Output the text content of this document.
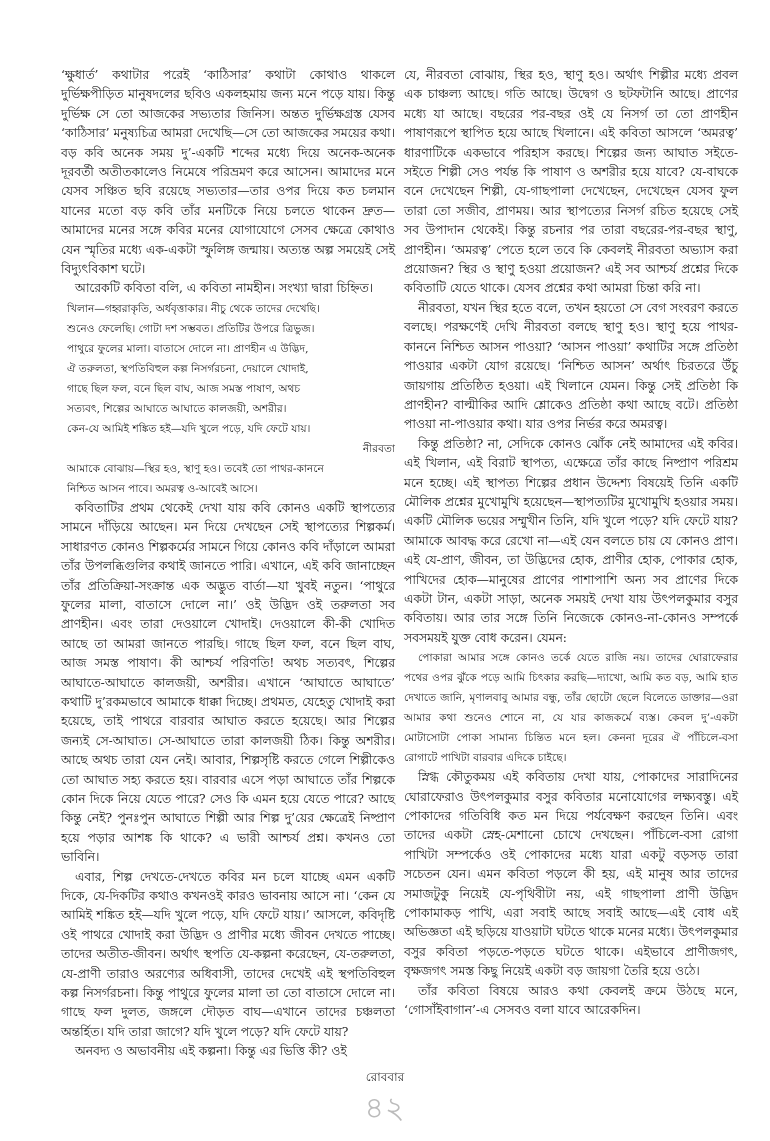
‘ক্ষুধার্ত’ কথাটার পরেই ‘কাঠিসার’ কথাটা কোথাও থাকলে দুর্ভিক্ষপীড়িত মানুষদলের ছবিও একলহমায় জন্য মনে পড়ে যায়। কিন্তু দুর্ভিক্ষ সে তো আজকের সভ্যতার জিনিস। অন্তত দুর্ভিক্ষগ্রস্ত যেসব ‘কাঠিসার’ মনুষ্যচিত্র আমরা দেখেছি—সে তো আজকের সময়ের কথা। বড় কবি অনেক সময় দু’-একটি শব্দের মধ্যে দিয়ে অনেক-অনেক দূরবর্তী অতীতকালেও নিমেষে পরিভ্রমণ করে আসেন। আমাদের মনে যেসব সঞ্চিত ছবি রয়েছে সভ্যতার—তার ওপর দিয়ে কত চলমান যানের মতো বড় কবি তাঁর মনটিকে নিয়ে চলতে থাকেন দ্রুত—আমাদের মনের সঙ্গে কবির মনের যোগাযোগে সেসব ক্ষেত্রে কোথাও যেন স্মৃতির মধ্যে এক-একটা স্ফুলিঙ্গ জন্মায়। অত্যন্ত অল্প সময়েই সেই বিদ্যুৎবিকাশ ঘটে।

আরেকটি কবিতা বলি, এ কবিতা নামহীন। সংখ্যা দ্বারা চিহ্নিত।

খিলান—গহ্বরাকৃতি, অর্ধবৃত্তাকার। নীচু থেকে তাদের দেখেছি।
শুনেও ফেলেছি। গোটা দশ সম্ভবত। প্রতিটির উপরে ত্রিভুজ।
পাথুরে ফুলের মালা। বাতাসে দোলে না। প্রাণহীন এ উদ্ভিদ,
ঐ তরুলতা, স্থপতিবিহুল কল্প নিসর্গরচনা, দেয়ালে খোদাই,
গাছে ছিল ফল, বনে ছিল বাঘ, আজ সমস্ত পাষাণ, অথচ
সত্যবৎ, শিল্পের আঘাতে আঘাতে কালজয়ী, অশরীর।
কেন-যে আমিই শঙ্কিত হই—যদি খুলে পড়ে, যদি ফেটে যায়।
নীরবতা
আমাকে বোঝায়—স্থির হও, স্থাণু হও। তবেই তো পাথর-কাননে
নিশ্চিত আসন পাবে। অমরত্ব ও-আবেই আসে।

কবিতাটির প্রথম থেকেই দেখা যায় কবি কোনও একটি স্থাপত্যের সামনে দাঁড়িয়ে আছেন। মন দিয়ে দেখছেন সেই স্থাপত্যের শিল্পকর্ম। সাধারণত কোনও শিল্পকর্মের সামনে গিয়ে কোনও কবি দাঁড়ালে আমরা তাঁর উপলব্ধিগুলির কথাই জানতে পারি। এখানে, এই কবি জানাচ্ছেন তাঁর প্রতিক্রিয়া-সংক্রান্ত এক অদ্ভুত বার্তা—যা খুবই নতুন। ‘পাথুরে ফুলের মালা, বাতাসে দোলে না।’ ওই উদ্ভিদ ওই তরুলতা সব প্রাণহীন। এবং তারা দেওয়ালে খোদাই। দেওয়ালে কী-কী খোদিত আছে তা আমরা জানতে পারছি। গাছে ছিল ফল, বনে ছিল বাঘ, আজ সমস্ত পাষাণ। কী আশ্চর্য পরিণতি! অথচ সত্যবৎ, শিল্পের আঘাতে-আঘাতে কালজয়ী, অশরীর। এখানে ‘আঘাতে আঘাতে’ কথাটি দু’রকমভাবে আমাকে ধাক্কা দিচ্ছে। প্রথমত, যেহেতু খোদাই করা হয়েছে, তাই পাথরে বারবার আঘাত করতে হয়েছে। আর শিল্পের জন্যই সে-আঘাত। সে-আঘাতে তারা কালজয়ী ঠিক। কিন্তু অশরীর। আছে অথচ তারা যেন নেই। আবার, শিল্পসৃষ্টি করতে গেলে শিল্পীকেও তো আঘাত সহ্য করতে হয়। বারবার এসে পড়া আঘাতে তাঁর শিল্পকে কোন দিকে নিয়ে যেতে পারে? সেও কি এমন হয়ে যেতে পারে? আছে কিন্তু নেই? পুনঃপুন আঘাতে শিল্পী আর শিল্প দু’য়ের ক্ষেত্রেই নিষ্প্রাণ হয়ে পড়ার আশঙ্ক কি থাকে? এ ভারী আশ্চর্য প্রশ্ন। কখনও তো ভাবিনি।

এবার, শিল্প দেখতে-দেখতে কবির মন চলে যাচ্ছে এমন একটি দিকে, যে-দিকটির কথাও কখনওই কারও ভাবনায় আসে না। ‘কেন যে আমিই শঙ্কিত হই—যদি খুলে পড়ে, যদি ফেটে যায়।’ আসলে, কবিদৃষ্টি ওই পাথরে খোদাই করা উদ্ভিদ ও প্রাণীর মধ্যে জীবন দেখতে পাচ্ছে। তাদের অতীত-জীবন। অর্থাৎ স্থপতি যে-কল্পনা করেছেন, যে-তরুলতা, যে-প্রাণী তারাও অরণ্যের অধিবাসী, তাদের দেখেই এই স্থপতিবিহুল কল্প নিসর্গরচনা। কিন্তু পাথুরে ফুলের মালা তা তো বাতাসে দোলে না। গাছে ফল দুলত, জঙ্গলে দৌড়ত বাঘ—এখানে তাদের চঞ্চলতা অন্তর্হিত। যদি তারা জাগে? যদি খুলে পড়ে? যদি ফেটে যায়?

অনবদ্য ও অভাবনীয় এই কল্পনা। কিন্তু এর ভিত্তি কী? ওই

যে, নীরবতা বোঝায়, স্থির হও, স্থাণু হও। অর্থাৎ শিল্পীর মধ্যে প্রবল এক চাঞ্চল্য আছে। গতি আছে। উদ্বেগ ও ছটফটানি আছে। প্রাণের মধ্যে যা আছে। বছরের পর-বছর ওই যে নিসর্গ তা তো প্রাণহীন পাষাণরূপে স্থাপিত হয়ে আছে খিলানে। এই কবিতা আসলে ‘অমরত্ব’ ধারণাটিকে একভাবে পরিহাস করছে। শিল্পের জন্য আঘাত সইতে-সইতে শিল্পী সেও পর্যন্ত কি পাষাণ ও অশরীর হয়ে যাবে? যে-বাঘকে বনে দেখেছেন শিল্পী, যে-গাছপালা দেখেছেন, দেখেছেন যেসব ফুল তারা তো সজীব, প্রাণময়। আর স্থাপত্যের নিসর্গ রচিত হয়েছে সেই সব উপাদান থেকেই। কিন্তু রচনার পর তারা বছরের-পর-বছর স্থাণু, প্রাণহীন। ‘অমরত্ব’ পেতে হলে তবে কি কেবলই নীরবতা অভ্যাস করা প্রয়োজন? স্থির ও স্থাণু হওয়া প্রয়োজন? এই সব আশ্চর্য প্রশ্নের দিকে কবিতাটি যেতে থাকে। যেসব প্রশ্নের কথা আমরা চিন্তা করি না।

নীরবতা, যখন স্থির হতে বলে, তখন হয়তো সে বেগ সংবরণ করতে বলছে। পরক্ষণেই দেখি নীরবতা বলছে স্থাণু হও। স্থাণু হয়ে পাথর-কাননে নিশ্চিত আসন পাওয়া? ‘আসন পাওয়া’ কথাটির সঙ্গে প্রতিষ্ঠা পাওয়ার একটা যোগ রয়েছে। ‘নিশ্চিত আসন’ অর্থাৎ চিরতরে উঁচু জায়গায় প্রতিষ্ঠিত হওয়া। এই খিলানে যেমন। কিন্তু সেই প্রতিষ্ঠা কি প্রাণহীন? বাল্মীকির আদি শ্লোকেও প্রতিষ্ঠা কথা আছে বটে। প্রতিষ্ঠা পাওয়া না-পাওয়ার কথা। যার ওপর নির্ভর করে অমরত্ব।

কিন্তু প্রতিষ্ঠা? না, সেদিকে কোনও ঝোঁক নেই আমাদের এই কবির। এই খিলান, এই বিরাট স্থাপত্য, এক্ষেত্রে তাঁর কাছে নিষ্প্রাণ পরিশ্রম মনে হচ্ছে। এই স্থাপত্য শিল্পের প্রধান উদ্দেশ্য বিষয়েই তিনি একটি মৌলিক প্রশ্নের মুখোমুখি হয়েছেন—স্থাপত্যটির মুখোমুখি হওয়ার সময়। একটি মৌলিক ভয়ের সম্মুখীন তিনি, যদি খুলে পড়ে? যদি ফেটে যায়? আমাকে আবদ্ধ করে রেখো না—এই যেন বলতে চায় যে কোনও প্রাণ। এই যে-প্রাণ, জীবন, তা উদ্ভিদের হোক, প্রাণীর হোক, পোকার হোক, পাখিদের হোক—মানুষের প্রাণের পাশাপাশি অন্য সব প্রাণের দিকে একটা টান, একটা সাড়া, অনেক সময়ই দেখা যায় উৎপলকুমার বসুর কবিতায়। আর তার সঙ্গে তিনি নিজেকে কোনও-না-কোনও সম্পর্কে সবসময়ই যুক্ত বোধ করেন। যেমন:

পোকারা আমার সঙ্গে কোনও তর্কে যেতে রাজি নয়। তাদের ঘোরাফেরার পথের ওপর ঝুঁকে পড়ে আমি চিৎকার করছি—দ্যাখো, আমি কত বড়, আমি হাত দেখাতে জানি, মৃণালবাবু আমার বন্ধু, তাঁর ছোটো ছেলে বিলেতে ডাক্তার—ওরা আমার কথা শুনেও শোনে না, যে যার কাজকর্মে ব্যস্ত। কেবল দু’-একটা মোটাসোটা পোকা সামান্য চিন্তিত মনে হল। কেননা দূরের ঐ পাঁচিলে-বসা রোগাটে পাখিটা বারবার এদিকে চাইছে।

স্নিগ্ধ কৌতুকময় এই কবিতায় দেখা যায়, পোকাদের সারাদিনের ঘোরাফেরাও উৎপলকুমার বসুর কবিতার মনোযোগের লক্ষ্যবস্তু। এই পোকাদের গতিবিধি কত মন দিয়ে পর্যবেক্ষণ করছেন তিনি। এবং তাদের একটা স্নেহ-মেশানো চোখে দেখছেন। পাঁচিলে-বসা রোগা পাখিটা সম্পর্কেও ওই পোকাদের মধ্যে যারা একটু বড়সড় তারা সচেতন যেন। এমন কবিতা পড়লে কী হয়, এই মানুষ আর তাদের সমাজটুকু নিয়েই যে-পৃথিবীটা নয়, এই গাছপালা প্রাণী উদ্ভিদ পোকামাকড় পাখি, এরা সবাই আছে সবাই আছে—এই বোধ এই অভিজ্ঞতা এই ছড়িয়ে যাওয়াটা ঘটতে থাকে মনের মধ্যে। উৎপলকুমার বসুর কবিতা পড়তে-পড়তে ঘটতে থাকে। এইভাবে প্রাণীজগৎ, বৃক্ষজগৎ সমস্ত কিছু নিয়েই একটা বড় জায়গা তৈরি হয়ে ওঠে।

তাঁর কবিতা বিষয়ে আরও কথা কেবলই ক্রমে উঠছে মনে, ‘গোসাঁইবাগান’-এ সেসবও বলা যাবে আরেকদিন।

রোববার
৪২
